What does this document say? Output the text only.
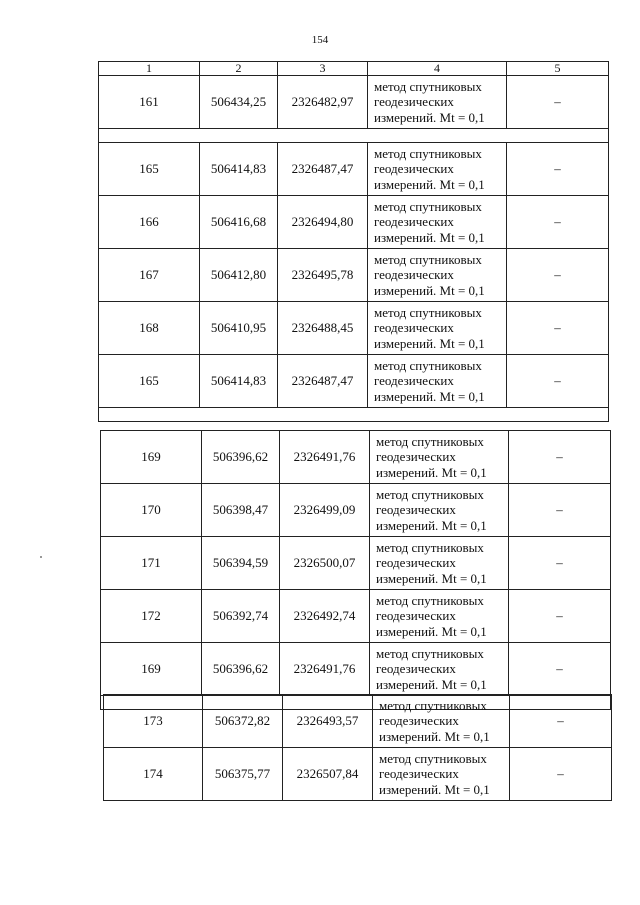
154
1	2	3	4	5
161	506434,25	2326482,97	метод спутниковых геодезических измерений. Mt = 0,1	–

165	506414,83	2326487,47	метод спутниковых геодезических измерений. Mt = 0,1	–
166	506416,68	2326494,80	метод спутниковых геодезических измерений. Mt = 0,1	–
167	506412,80	2326495,78	метод спутниковых геодезических измерений. Mt = 0,1	–
168	506410,95	2326488,45	метод спутниковых геодезических измерений. Mt = 0,1	–
165	506414,83	2326487,47	метод спутниковых геодезических измерений. Mt = 0,1	–

169	506396,62	2326491,76	метод спутниковых геодезических измерений. Mt = 0,1	–
170	506398,47	2326499,09	метод спутниковых геодезических измерений. Mt = 0,1	–
171	506394,59	2326500,07	метод спутниковых геодезических измерений. Mt = 0,1	–
172	506392,74	2326492,74	метод спутниковых геодезических измерений. Mt = 0,1	–
169	506396,62	2326491,76	метод спутниковых геодезических измерений. Mt = 0,1	–

173	506372,82	2326493,57	метод спутниковых геодезических измерений. Mt = 0,1	–
174	506375,77	2326507,84	метод спутниковых геодезических измерений. Mt = 0,1	–
